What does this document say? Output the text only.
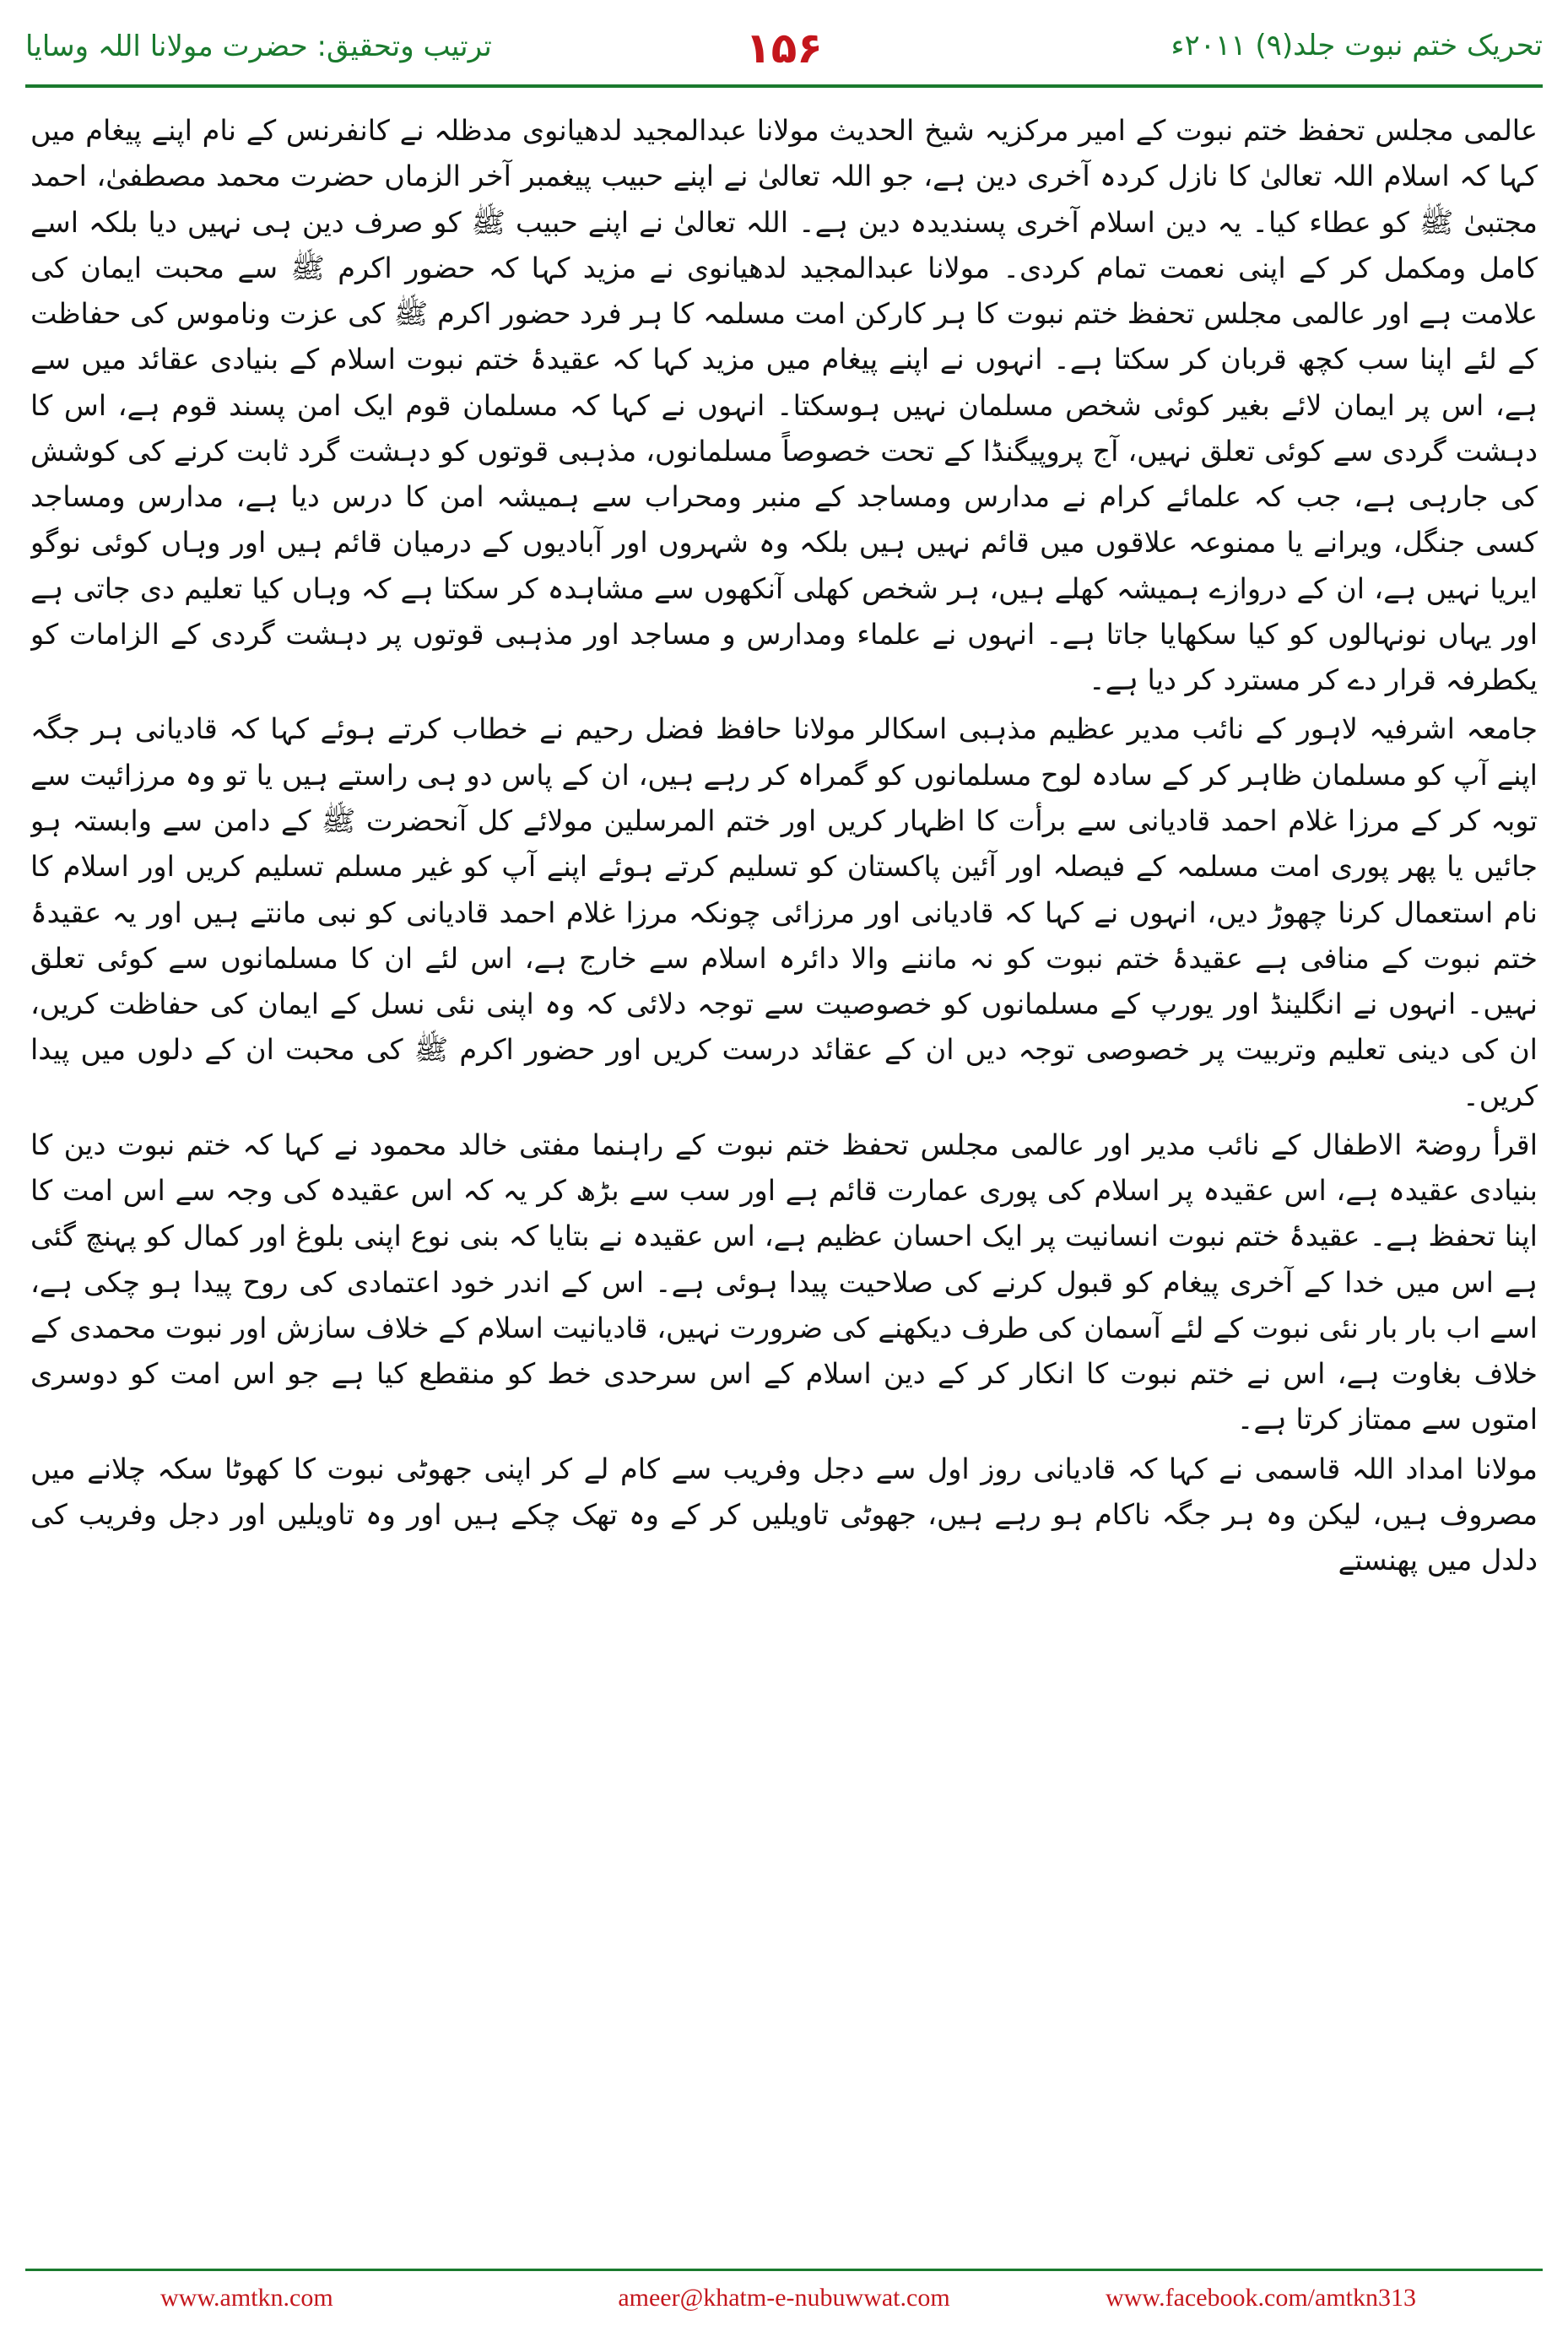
تحریک ختم نبوت جلد(۹) ۲۰۱۱ء
۱۵۶
ترتیب وتحقیق: حضرت مولانا اللہ وسایا

عالمی مجلس تحفظ ختم نبوت کے امیر مرکزیہ شیخ الحدیث مولانا عبدالمجید لدھیانوی مدظلہ نے کانفرنس کے نام اپنے پیغام میں کہا کہ اسلام اللہ تعالیٰ کا نازل کردہ آخری دین ہے، جو اللہ تعالیٰ نے اپنے حبیب پیغمبر آخر الزماں حضرت محمد مصطفیٰ، احمد مجتبیٰ ﷺ کو عطاء کیا۔ یہ دین اسلام آخری پسندیدہ دین ہے۔ اللہ تعالیٰ نے اپنے حبیب ﷺ کو صرف دین ہی نہیں دیا بلکہ اسے کامل ومکمل کر کے اپنی نعمت تمام کردی۔ مولانا عبدالمجید لدھیانوی نے مزید کہا کہ حضور اکرم ﷺ سے محبت ایمان کی علامت ہے اور عالمی مجلس تحفظ ختم نبوت کا ہر کارکن امت مسلمہ کا ہر فرد حضور اکرم ﷺ کی عزت وناموس کی حفاظت کے لئے اپنا سب کچھ قربان کر سکتا ہے۔ انہوں نے اپنے پیغام میں مزید کہا کہ عقیدۂ ختم نبوت اسلام کے بنیادی عقائد میں سے ہے، اس پر ایمان لائے بغیر کوئی شخص مسلمان نہیں ہوسکتا۔ انہوں نے کہا کہ مسلمان قوم ایک امن پسند قوم ہے، اس کا دہشت گردی سے کوئی تعلق نہیں، آج پروپیگنڈا کے تحت خصوصاً مسلمانوں، مذہبی قوتوں کو دہشت گرد ثابت کرنے کی کوشش کی جارہی ہے، جب کہ علمائے کرام نے مدارس ومساجد کے منبر ومحراب سے ہمیشہ امن کا درس دیا ہے، مدارس ومساجد کسی جنگل، ویرانے یا ممنوعہ علاقوں میں قائم نہیں ہیں بلکہ وہ شہروں اور آبادیوں کے درمیان قائم ہیں اور وہاں کوئی نوگو ایریا نہیں ہے، ان کے دروازے ہمیشہ کھلے ہیں، ہر شخص کھلی آنکھوں سے مشاہدہ کر سکتا ہے کہ وہاں کیا تعلیم دی جاتی ہے اور یہاں نونہالوں کو کیا سکھایا جاتا ہے۔ انہوں نے علماء ومدارس و مساجد اور مذہبی قوتوں پر دہشت گردی کے الزامات کو یکطرفہ قرار دے کر مسترد کر دیا ہے۔

جامعہ اشرفیہ لاہور کے نائب مدیر عظیم مذہبی اسکالر مولانا حافظ فضل رحیم نے خطاب کرتے ہوئے کہا کہ قادیانی ہر جگہ اپنے آپ کو مسلمان ظاہر کر کے سادہ لوح مسلمانوں کو گمراہ کر رہے ہیں، ان کے پاس دو ہی راستے ہیں یا تو وہ مرزائیت سے توبہ کر کے مرزا غلام احمد قادیانی سے برأت کا اظہار کریں اور ختم المرسلین مولائے کل آنحضرت ﷺ کے دامن سے وابستہ ہو جائیں یا پھر پوری امت مسلمہ کے فیصلہ اور آئین پاکستان کو تسلیم کرتے ہوئے اپنے آپ کو غیر مسلم تسلیم کریں اور اسلام کا نام استعمال کرنا چھوڑ دیں، انہوں نے کہا کہ قادیانی اور مرزائی چونکہ مرزا غلام احمد قادیانی کو نبی مانتے ہیں اور یہ عقیدۂ ختم نبوت کے منافی ہے عقیدۂ ختم نبوت کو نہ ماننے والا دائرہ اسلام سے خارج ہے، اس لئے ان کا مسلمانوں سے کوئی تعلق نہیں۔ انہوں نے انگلینڈ اور یورپ کے مسلمانوں کو خصوصیت سے توجہ دلائی کہ وہ اپنی نئی نسل کے ایمان کی حفاظت کریں، ان کی دینی تعلیم وتربیت پر خصوصی توجہ دیں ان کے عقائد درست کریں اور حضور اکرم ﷺ کی محبت ان کے دلوں میں پیدا کریں۔

اقرأ روضۃ الاطفال کے نائب مدیر اور عالمی مجلس تحفظ ختم نبوت کے راہنما مفتی خالد محمود نے کہا کہ ختم نبوت دین کا بنیادی عقیدہ ہے، اس عقیدہ پر اسلام کی پوری عمارت قائم ہے اور سب سے بڑھ کر یہ کہ اس عقیدہ کی وجہ سے اس امت کا اپنا تحفظ ہے۔ عقیدۂ ختم نبوت انسانیت پر ایک احسان عظیم ہے، اس عقیدہ نے بتایا کہ بنی نوع اپنی بلوغ اور کمال کو پہنچ گئی ہے اس میں خدا کے آخری پیغام کو قبول کرنے کی صلاحیت پیدا ہوئی ہے۔ اس کے اندر خود اعتمادی کی روح پیدا ہو چکی ہے، اسے اب بار بار نئی نبوت کے لئے آسمان کی طرف دیکھنے کی ضرورت نہیں، قادیانیت اسلام کے خلاف سازش اور نبوت محمدی کے خلاف بغاوت ہے، اس نے ختم نبوت کا انکار کر کے دین اسلام کے اس سرحدی خط کو منقطع کیا ہے جو اس امت کو دوسری امتوں سے ممتاز کرتا ہے۔

مولانا امداد اللہ قاسمی نے کہا کہ قادیانی روز اول سے دجل وفریب سے کام لے کر اپنی جھوٹی نبوت کا کھوٹا سکہ چلانے میں مصروف ہیں، لیکن وہ ہر جگہ ناکام ہو رہے ہیں، جھوٹی تاویلیں کر کے وہ تھک چکے ہیں اور وہ تاویلیں اور دجل وفریب کی دلدل میں پھنستے

www.amtkn.com	ameer@khatm-e-nubuwwat.com	www.facebook.com/amtkn313
